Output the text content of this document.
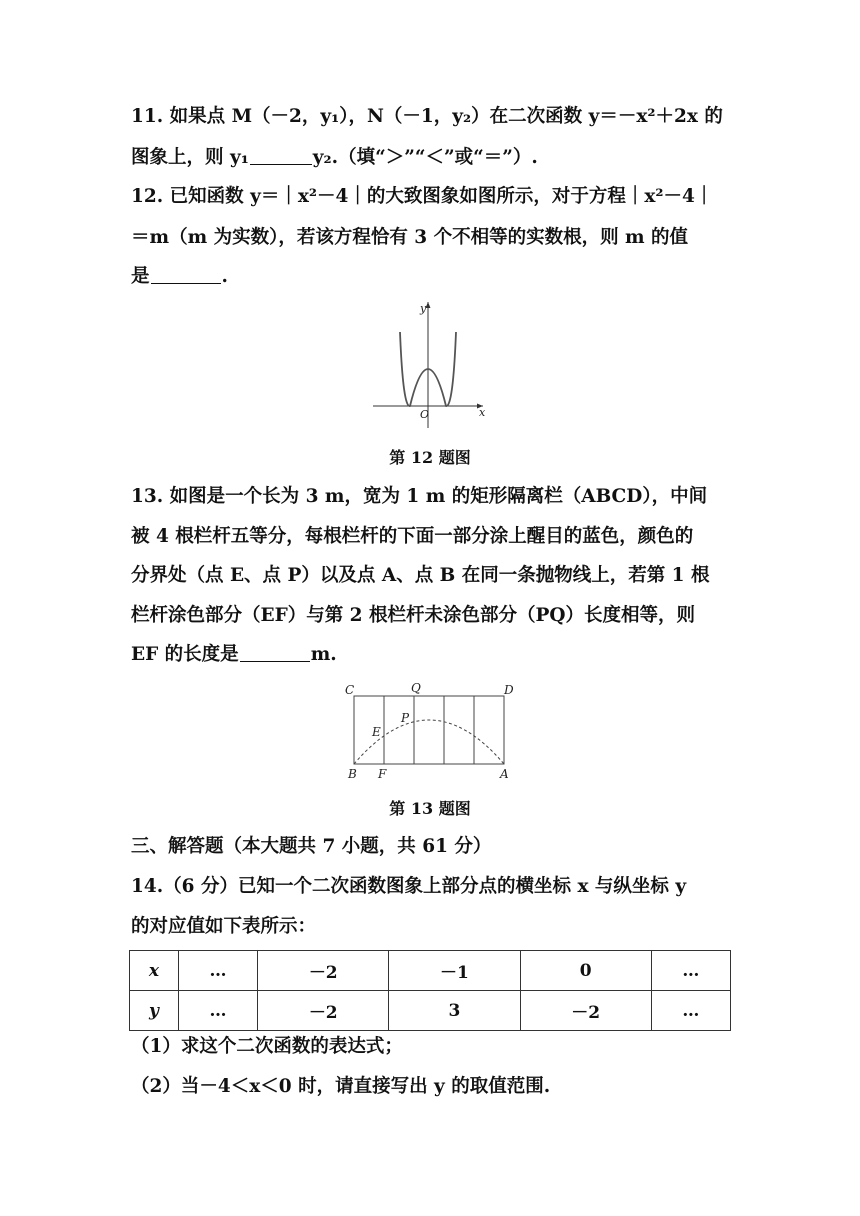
11. 如果点 M（－2，y₁），N（－1，y₂）在二次函数 y＝－x²＋2x 的
图象上，则 y₁	y₂.（填“＞”“＜”或“＝”）.
12. 已知函数 y＝｜x²－4｜的大致图象如图所示，对于方程｜x²－4｜
＝m（m 为实数），若该方程恰有 3 个不相等的实数根，则 m 的值
是	.
y
x
O
第 12 题图
13. 如图是一个长为 3 m，宽为 1 m 的矩形隔离栏（ABCD），中间
被 4 根栏杆五等分，每根栏杆的下面一部分涂上醒目的蓝色，颜色的
分界处（点 E、点 P）以及点 A、点 B 在同一条抛物线上，若第 1 根
栏杆涂色部分（EF）与第 2 根栏杆未涂色部分（PQ）长度相等，则
EF 的长度是	m.
C	Q	D
E
P
B F	A
第 13 题图
三、解答题（本大题共 7 小题，共 61 分）
14.（6 分）已知一个二次函数图象上部分点的横坐标 x 与纵坐标 y
的对应值如下表所示：
x	…	－2	－1	0	…
y	…	－2	3	－2	…
（1）求这个二次函数的表达式；
（2）当－4＜x＜0 时，请直接写出 y 的取值范围.
